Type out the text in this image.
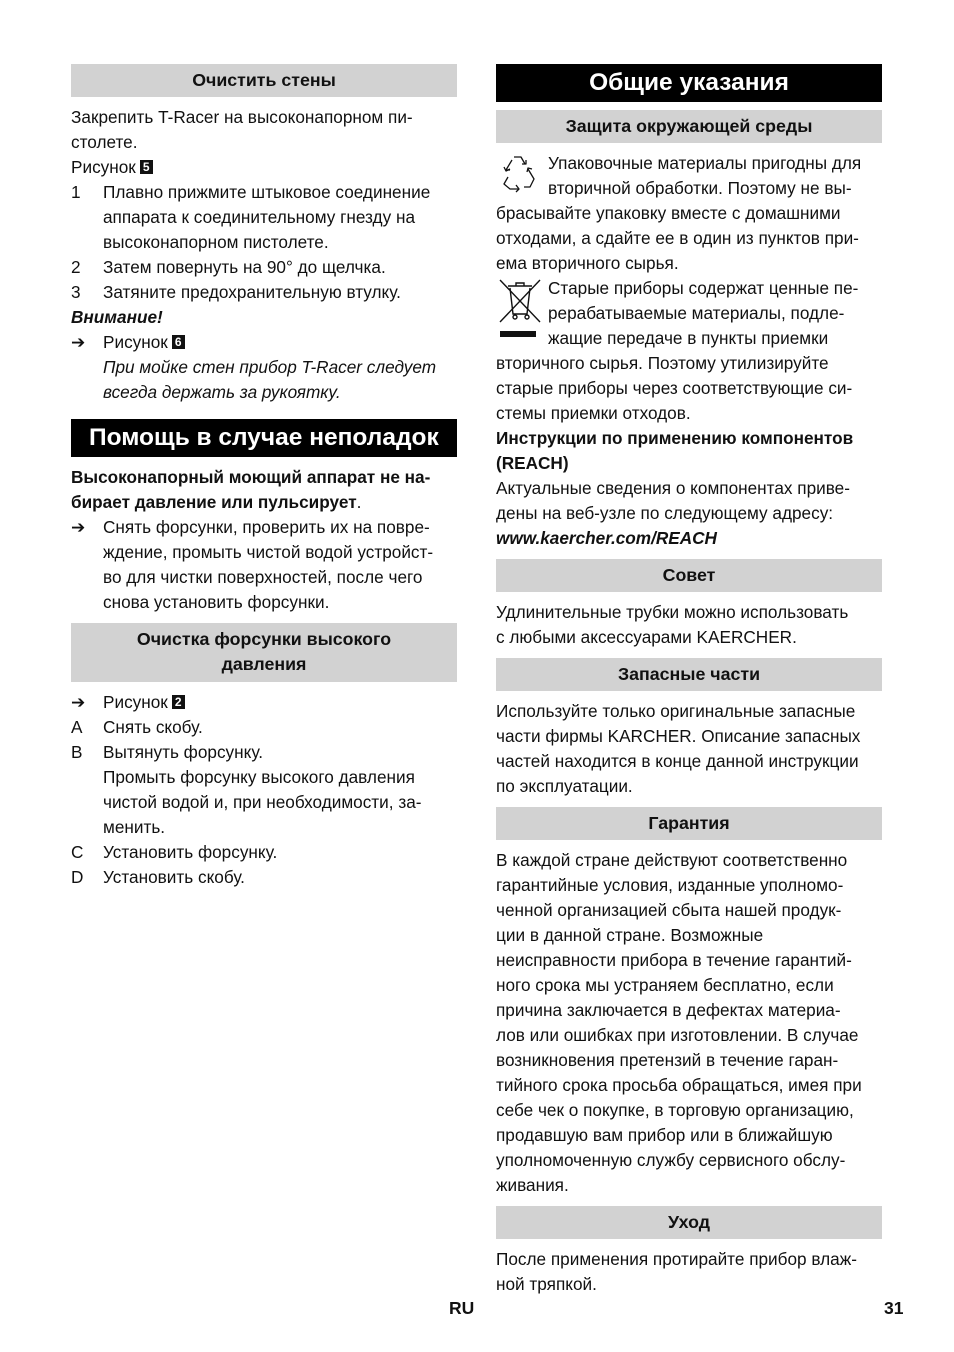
Очистить стены

Закрепить T-Racer на высоконапорном пи-
столете.

Рисунок 5

1	Плавно прижмите штыковое соединение
аппарата к соединительному гнезду на
высоконапорном пистолете.
2	Затем повернуть на 90° до щелчка.
3	Затяните предохранительную втулку.

Внимание!

➔	Рисунок 6
При мойке стен прибор T-Racer следует
всегда держать за рукоятку.
Помощь в случае неполадок

Высоконапорный моющий аппарат не на-
бирает давление или пульсирует.

➔	Снять форсунки, проверить их на повре-
ждение, промыть чистой водой устройст-
во для чистки поверхностей, после чего
снова установить форсунки.
Очистка форсунки высокого
давления
➔	Рисунок 2
A	Снять скобу.
B	Вытянуть форсунку.
Промыть форсунку высокого давления
чистой водой и, при необходимости, за-
менить.
C	Установить форсунку.
D	Установить скобу.
Общие указания
Защита окружающей среды

Упаковочные материалы пригодны для
вторичной обработки. Поэтому не вы-
брасывайте упаковку вместе с домашними
отходами, а сдайте ее в один из пунктов при-
ема вторичного сырья.

Старые приборы содержат ценные пе-
рерабатываемые материалы, подле-
жащие передаче в пункты приемки
вторичного сырья. Поэтому утилизируйте
старые приборы через соответствующие си-
стемы приемки отходов.

Инструкции по применению компонентов
(REACH)

Актуальные сведения о компонентах приве-
дены на веб-узле по следующему адресу:
www.kaercher.com/REACH

Совет

Удлинительные трубки можно использовать
с любыми аксессуарами KAERCHER.

Запасные части

Используйте только оригинальные запасные
части фирмы KARCHER. Описание запасных
частей находится в конце данной инструкции
по эксплуатации.

Гарантия

В каждой стране действуют соответственно
гарантийные условия, изданные уполномо-
ченной организацией сбыта нашей продук-
ции в данной стране. Возможные
неисправности прибора в течение гарантий-
ного срока мы устраняем бесплатно, если
причина заключается в дефектах материа-
лов или ошибках при изготовлении. В случае
возникновения претензий в течение гаран-
тийного срока просьба обращаться, имея при
себе чек о покупке, в торговую организацию,
продавшую вам прибор или в ближайшую
уполномоченную службу сервисного обслу-
живания.

Уход

После применения протирайте прибор влаж-
ной тряпкой.

RU	31
